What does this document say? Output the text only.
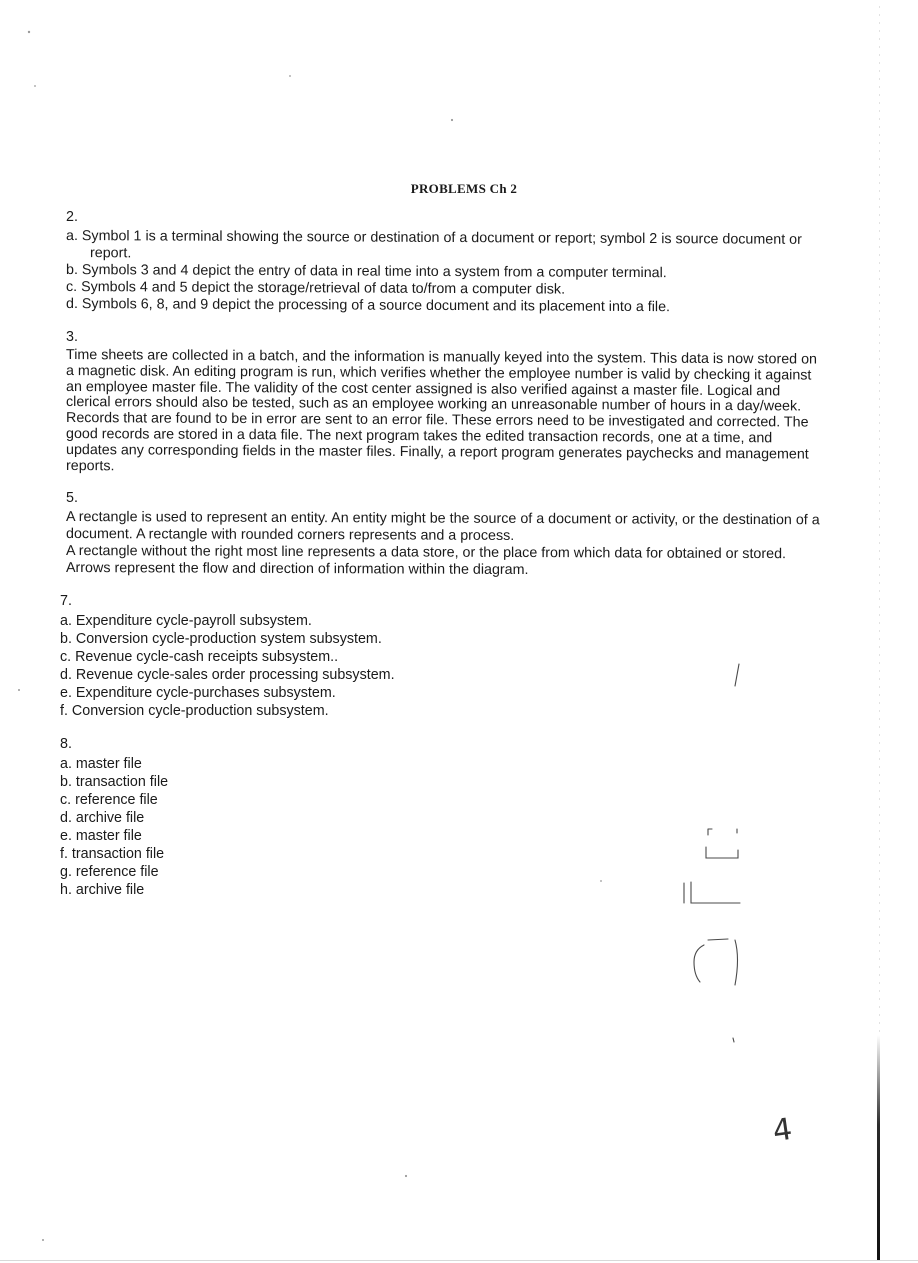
PROBLEMS Ch 2
2.
a. Symbol 1 is a terminal showing the source or destination of a document or report; symbol 2 is source document or report.
b. Symbols 3 and 4 depict the entry of data in real time into a system from a computer terminal.
c. Symbols 4 and 5 depict the storage/retrieval of data to/from a computer disk.
d. Symbols 6, 8, and 9 depict the processing of a source document and its placement into a file.
3.
Time sheets are collected in a batch, and the information is manually keyed into the system. This data is now stored on a magnetic disk. An editing program is run, which verifies whether the employee number is valid by checking it against an employee master file. The validity of the cost center assigned is also verified against a master file. Logical and clerical errors should also be tested, such as an employee working an unreasonable number of hours in a day/week. Records that are found to be in error are sent to an error file. These errors need to be investigated and corrected. The good records are stored in a data file. The next program takes the edited transaction records, one at a time, and updates any corresponding fields in the master files. Finally, a report program generates paychecks and management reports.
5.
A rectangle is used to represent an entity. An entity might be the source of a document or activity, or the destination of a document. A rectangle with rounded corners represents and a process.
A rectangle without the right most line represents a data store, or the place from which data for obtained or stored. Arrows represent the flow and direction of information within the diagram.
7.
a. Expenditure cycle-payroll subsystem.
b. Conversion cycle-production system subsystem.
c. Revenue cycle-cash receipts subsystem..
d. Revenue cycle-sales order processing subsystem.
e. Expenditure cycle-purchases subsystem.
f. Conversion cycle-production subsystem.
8.
a. master file
b. transaction file
c. reference file
d. archive file
e. master file
f. transaction file
g. reference file
h. archive file
4
